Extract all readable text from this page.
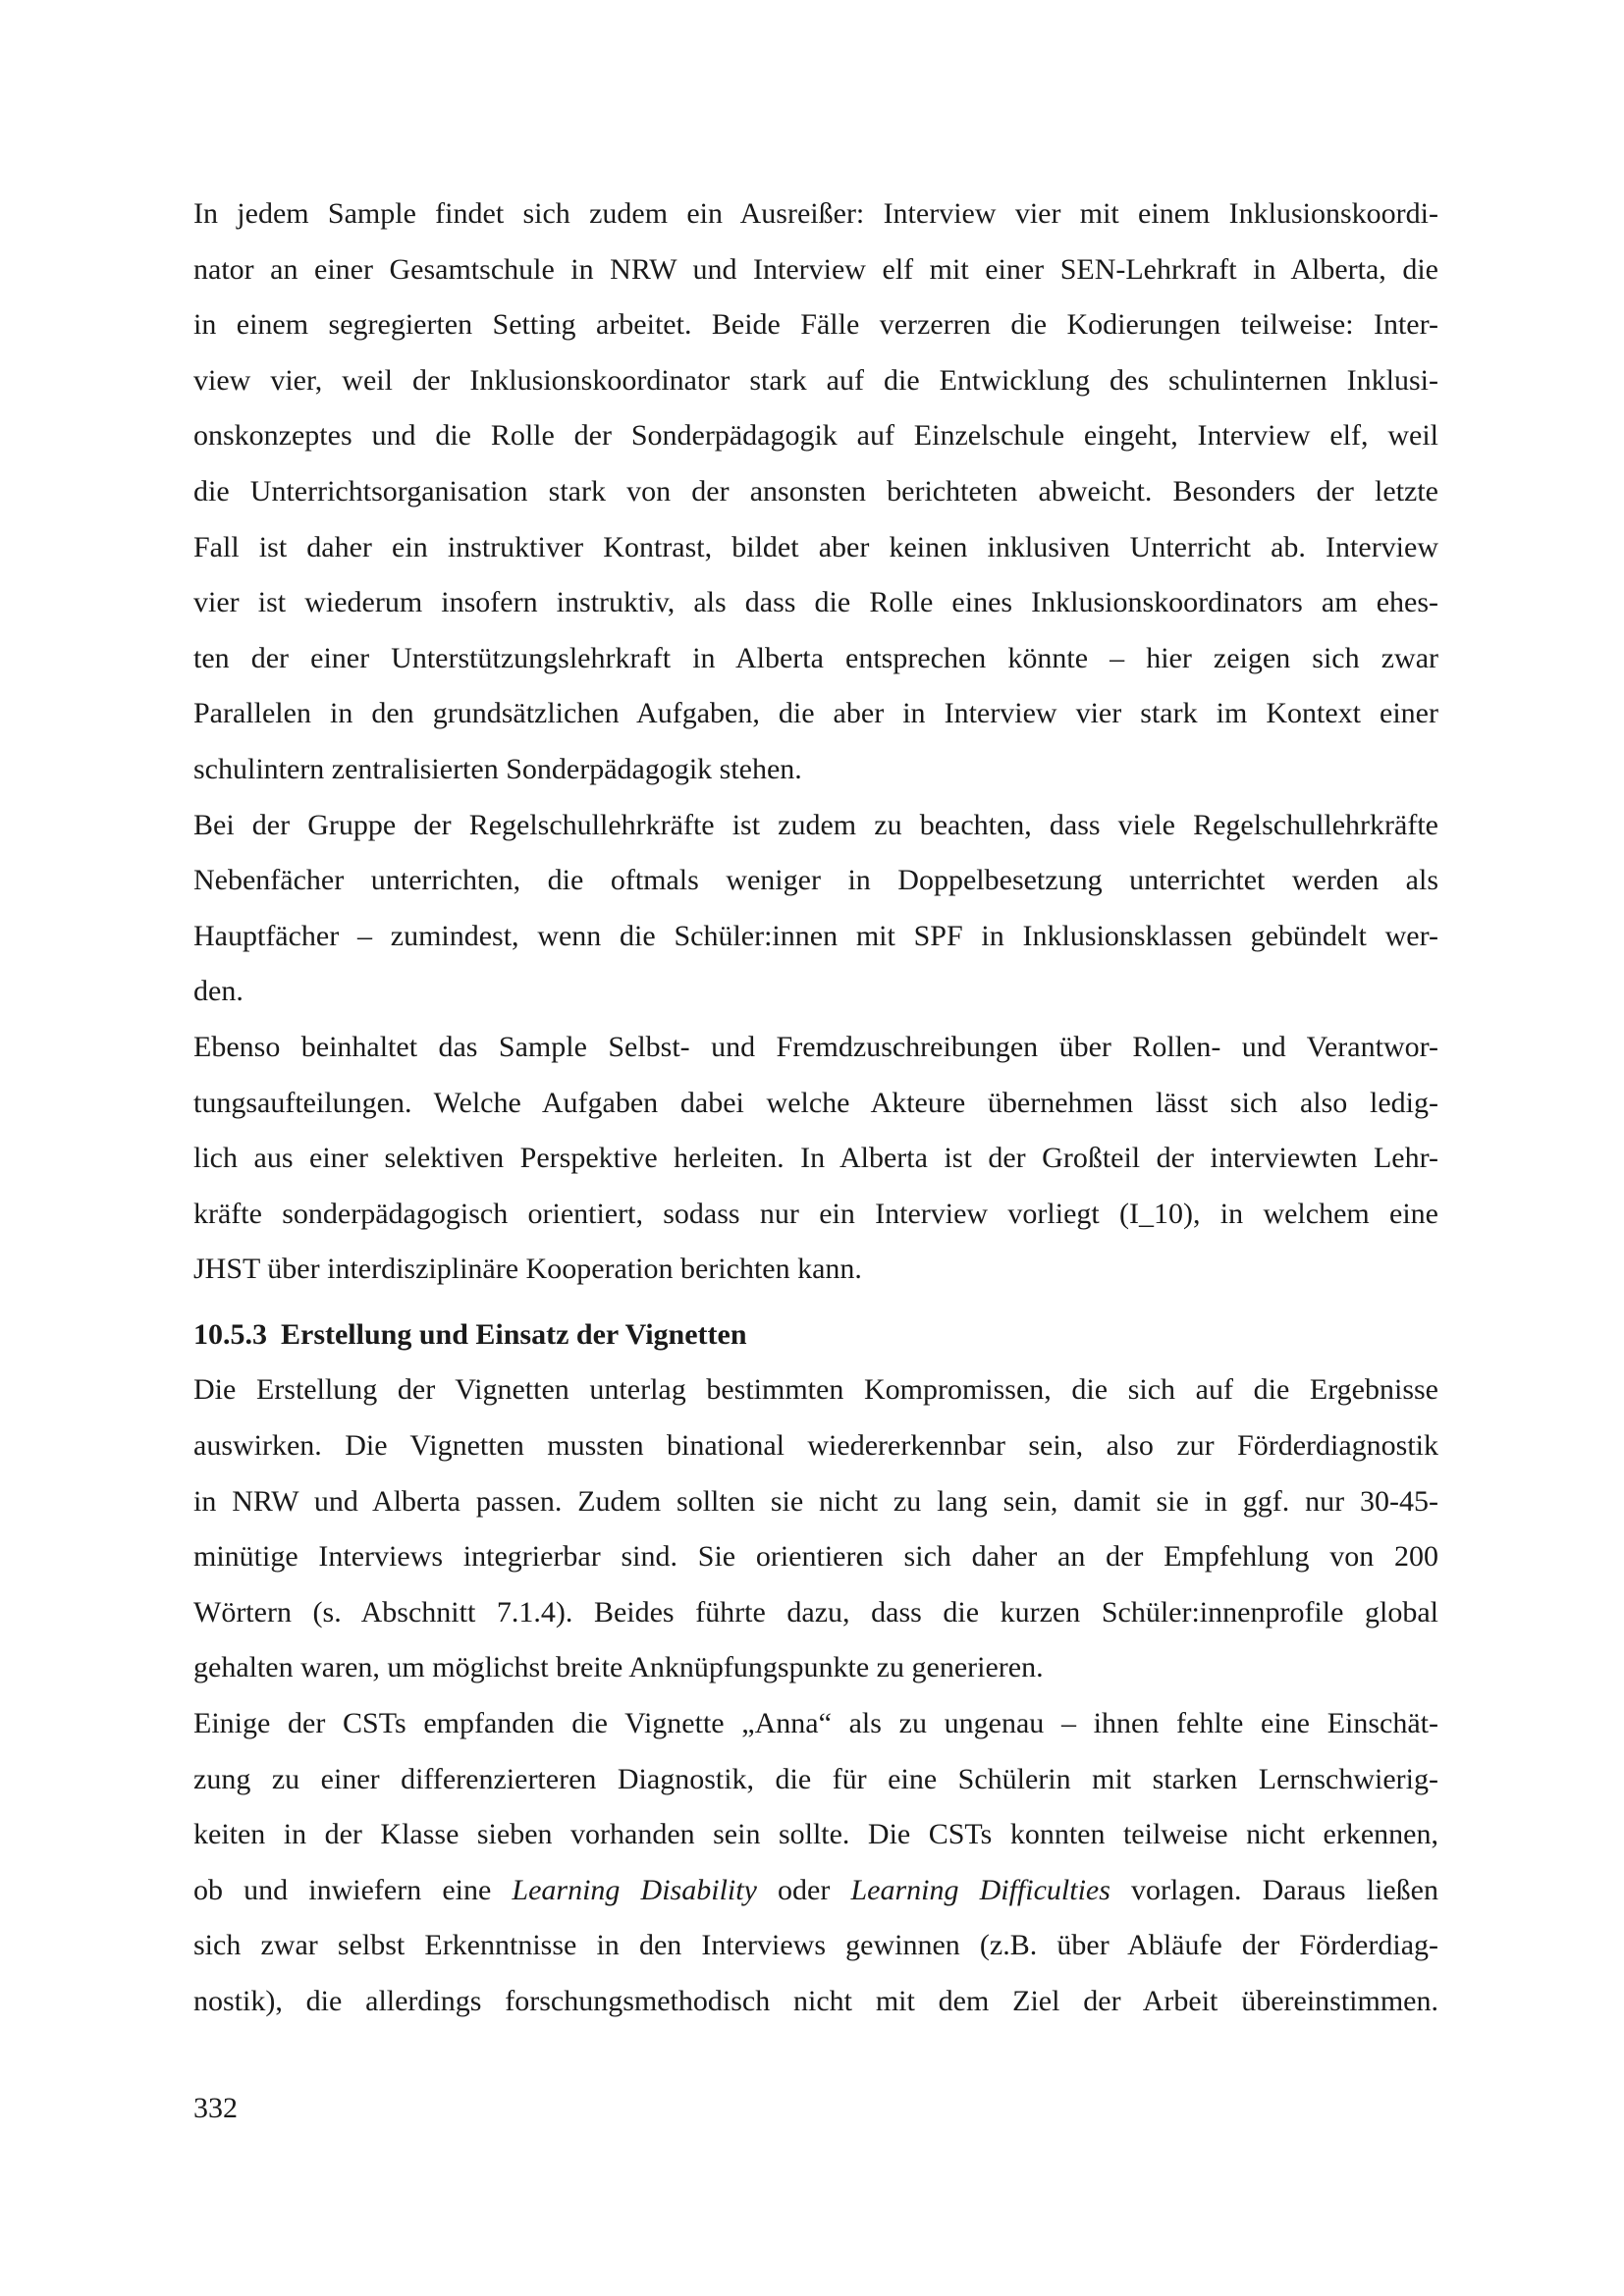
In jedem Sample findet sich zudem ein Ausreißer: Interview vier mit einem Inklusionskoordi-
nator an einer Gesamtschule in NRW und Interview elf mit einer SEN-Lehrkraft in Alberta, die
in einem segregierten Setting arbeitet. Beide Fälle verzerren die Kodierungen teilweise: Inter-
view vier, weil der Inklusionskoordinator stark auf die Entwicklung des schulinternen Inklusi-
onskonzeptes und die Rolle der Sonderpädagogik auf Einzelschule eingeht, Interview elf, weil
die Unterrichtsorganisation stark von der ansonsten berichteten abweicht. Besonders der letzte
Fall ist daher ein instruktiver Kontrast, bildet aber keinen inklusiven Unterricht ab. Interview
vier ist wiederum insofern instruktiv, als dass die Rolle eines Inklusionskoordinators am ehes-
ten der einer Unterstützungslehrkraft in Alberta entsprechen könnte – hier zeigen sich zwar
Parallelen in den grundsätzlichen Aufgaben, die aber in Interview vier stark im Kontext einer
schulintern zentralisierten Sonderpädagogik stehen.

Bei der Gruppe der Regelschullehrkräfte ist zudem zu beachten, dass viele Regelschullehrkräfte
Nebenfächer unterrichten, die oftmals weniger in Doppelbesetzung unterrichtet werden als
Hauptfächer – zumindest, wenn die Schüler:innen mit SPF in Inklusionsklassen gebündelt wer-
den.

Ebenso beinhaltet das Sample Selbst- und Fremdzuschreibungen über Rollen- und Verantwor-
tungsaufteilungen. Welche Aufgaben dabei welche Akteure übernehmen lässt sich also ledig-
lich aus einer selektiven Perspektive herleiten. In Alberta ist der Großteil der interviewten Lehr-
kräfte sonderpädagogisch orientiert, sodass nur ein Interview vorliegt (I_10), in welchem eine
JHST über interdisziplinäre Kooperation berichten kann.

10.5.3 Erstellung und Einsatz der Vignetten

Die Erstellung der Vignetten unterlag bestimmten Kompromissen, die sich auf die Ergebnisse
auswirken. Die Vignetten mussten binational wiedererkennbar sein, also zur Förderdiagnostik
in NRW und Alberta passen. Zudem sollten sie nicht zu lang sein, damit sie in ggf. nur 30-45-
minütige Interviews integrierbar sind. Sie orientieren sich daher an der Empfehlung von 200
Wörtern (s. Abschnitt 7.1.4). Beides führte dazu, dass die kurzen Schüler:innenprofile global
gehalten waren, um möglichst breite Anknüpfungspunkte zu generieren.

Einige der CSTs empfanden die Vignette „Anna“ als zu ungenau – ihnen fehlte eine Einschät-
zung zu einer differenzierteren Diagnostik, die für eine Schülerin mit starken Lernschwierig-
keiten in der Klasse sieben vorhanden sein sollte. Die CSTs konnten teilweise nicht erkennen,
ob und inwiefern eine Learning Disability oder Learning Difficulties vorlagen. Daraus ließen
sich zwar selbst Erkenntnisse in den Interviews gewinnen (z.B. über Abläufe der Förderdiag-
nostik), die allerdings forschungsmethodisch nicht mit dem Ziel der Arbeit übereinstimmen.

332
